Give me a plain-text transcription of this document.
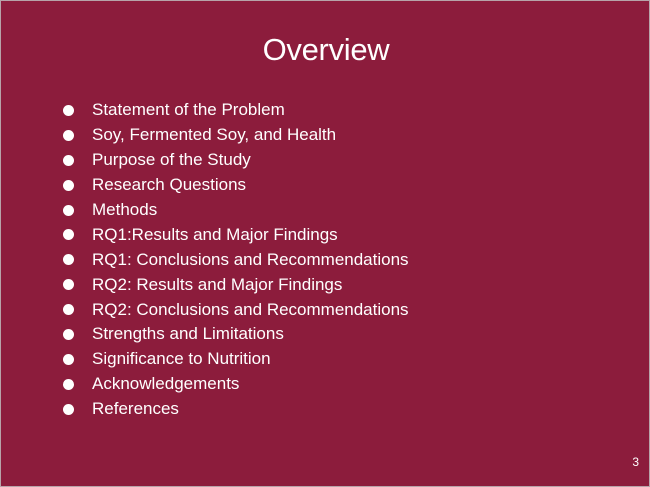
Overview
Statement of the Problem
Soy, Fermented Soy, and Health
Purpose of the Study
Research Questions
Methods
RQ1:Results and Major Findings
RQ1: Conclusions and Recommendations
RQ2: Results and Major Findings
RQ2: Conclusions and Recommendations
Strengths and Limitations
Significance to Nutrition
Acknowledgements
References
3
